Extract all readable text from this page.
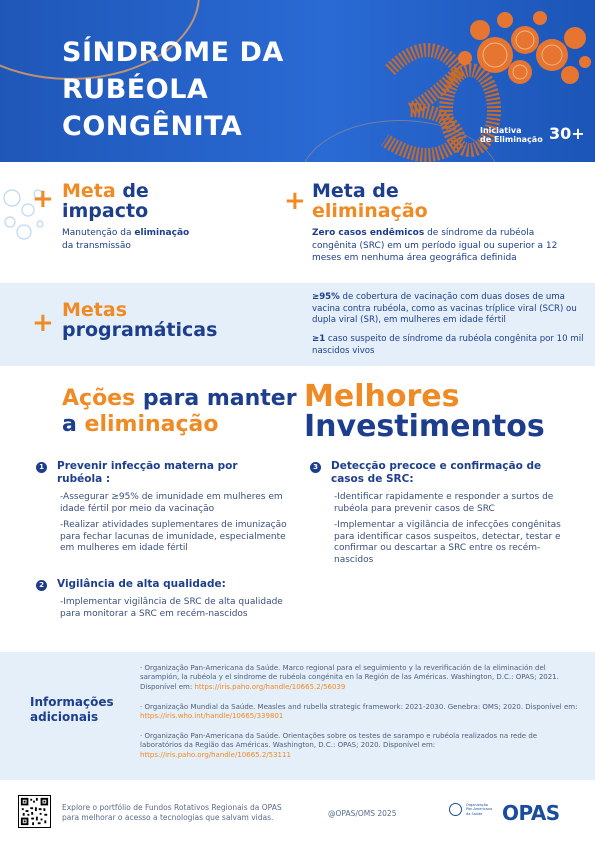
SÍNDROME DA
RUBÉOLA
CONGÊNITA	Iniciativa
de Eliminação 30+
+ Meta de
impacto
Manutenção da eliminação
da transmissão
+ Meta de
eliminação
Zero casos endêmicos de síndrome da rubéola congênita (SRC) em um período igual ou superior a 12 meses em nenhuma área geográfica definida
+ Metas
programáticas
≥95% de cobertura de vacinação com duas doses de uma vacina contra rubéola, como as vacinas tríplice viral (SCR) ou dupla viral (SR), em mulheres em idade fértil
≥1 caso suspeito de síndrome da rubéola congênita por 10 mil nascidos vivos
Ações para manter
a eliminação
Melhores
Investimentos
1 Prevenir infecção materna por rubéola :
-Assegurar ≥95% de imunidade em mulheres em idade fértil por meio da vacinação
-Realizar atividades suplementares de imunização para fechar lacunas de imunidade, especialmente em mulheres em idade fértil
2 Vigilância de alta qualidade:
-Implementar vigilância de SRC de alta qualidade para monitorar a SRC em recém-nascidos
3 Detecção precoce e confirmação de casos de SRC:
-Identificar rapidamente e responder a surtos de rubéola para prevenir casos de SRC
-Implementar a vigilância de infecções congênitas para identificar casos suspeitos, detectar, testar e confirmar ou descartar a SRC entre os recém-nascidos
Informações
adicionais
· Organização Pan-Americana da Saúde. Marco regional para el seguimiento y la reverificación de la eliminación del sarampión, la rubéola y el síndrome de rubéola congénita en la Región de las Américas. Washington, D.C.: OPAS; 2021. Disponível em: https://iris.paho.org/handle/10665.2/56039
· Organização Mundial da Saúde. Measles and rubella strategic framework: 2021-2030. Genebra: OMS; 2020. Disponível em: https://iris.who.int/handle/10665/339801
· Organização Pan-Americana da Saúde. Orientações sobre os testes de sarampo e rubéola realizados na rede de laboratórios da Região das Américas. Washington, D.C.: OPAS; 2020. Disponível em: https://iris.paho.org/handle/10665.2/53111
Explore o portfólio de Fundos Rotativos Regionais da OPAS
para melhorar o acesso a tecnologias que salvam vidas.	@OPAS/OMS 2025
Organização Pan-Americana da Saúde OPAS
